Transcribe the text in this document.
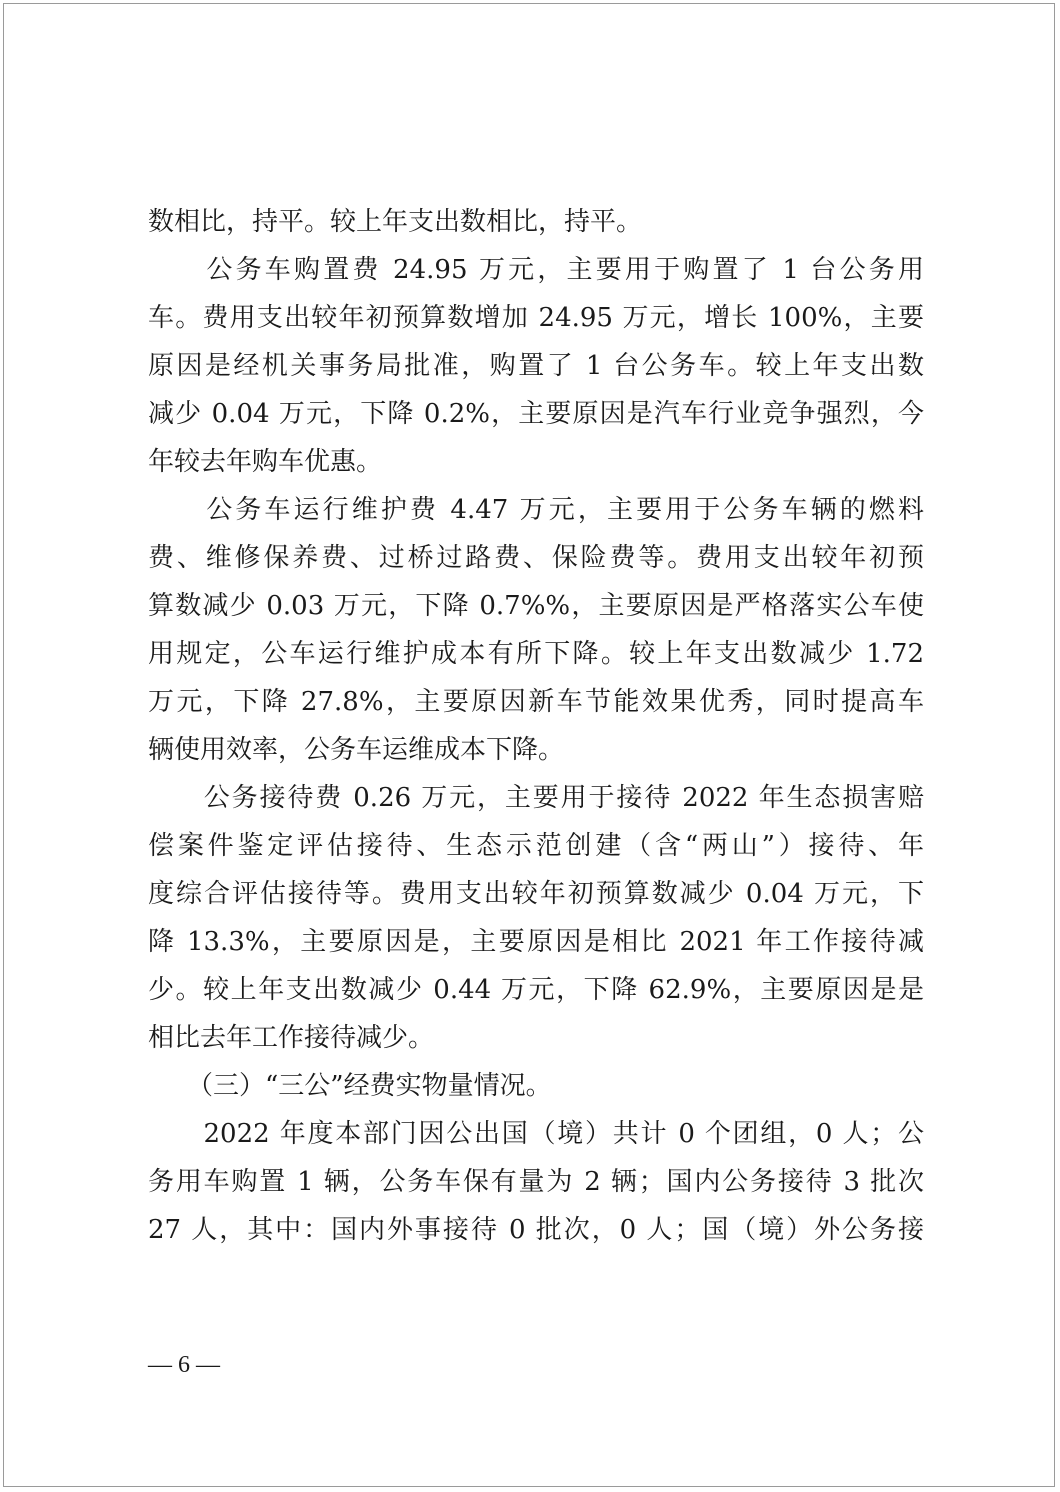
数相比，持平。较上年支出数相比，持平。
　　公务车购置费 24.95 万元，主要用于购置了 1 台公务用
车。费用支出较年初预算数增加 24.95 万元，增长 100%，主要
原因是经机关事务局批准，购置了 1 台公务车。较上年支出数
减少 0.04 万元，下降 0.2%，主要原因是汽车行业竞争强烈，今
年较去年购车优惠。
　　公务车运行维护费 4.47 万元，主要用于公务车辆的燃料
费、维修保养费、过桥过路费、保险费等。费用支出较年初预
算数减少 0.03 万元，下降 0.7%%，主要原因是严格落实公车使
用规定，公车运行维护成本有所下降。较上年支出数减少 1.72
万元，下降 27.8%，主要原因新车节能效果优秀，同时提高车
辆使用效率，公务车运维成本下降。
　　公务接待费 0.26 万元，主要用于接待 2022 年生态损害赔
偿案件鉴定评估接待、生态示范创建（含“两山”）接待、年
度综合评估接待等。费用支出较年初预算数减少 0.04 万元，下
降 13.3%，主要原因是，主要原因是相比 2021 年工作接待减
少。较上年支出数减少 0.44 万元，下降 62.9%，主要原因是是
相比去年工作接待减少。
　　（三）“三公”经费实物量情况。
　　2022 年度本部门因公出国（境）共计 0 个团组，0 人；公
务用车购置 1 辆，公务车保有量为 2 辆；国内公务接待 3 批次
27 人，其中：国内外事接待 0 批次，0 人；国（境）外公务接
— 6 —
